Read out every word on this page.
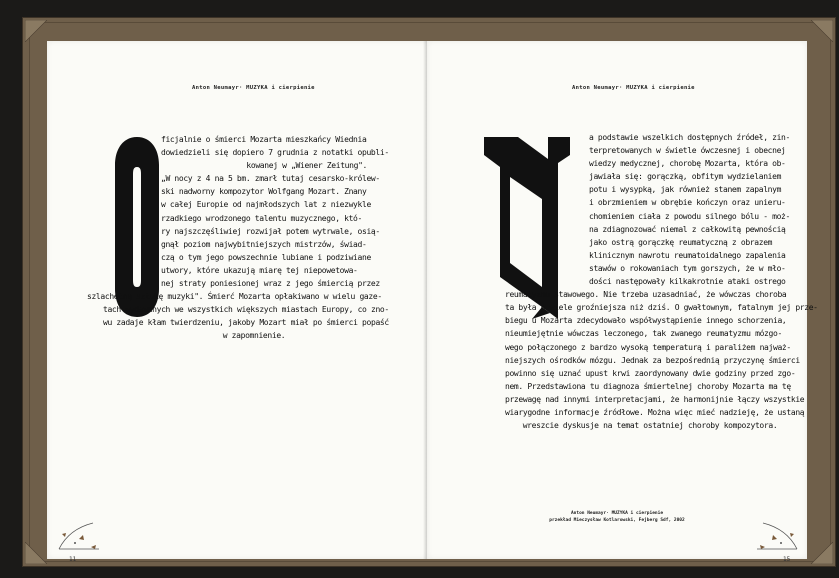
Anton Neumayr· MUZYKA i cierpienie
ficjalnie o śmierci Mozarta mieszkańcy Wiednia
dowiedzieli się dopiero 7 grudnia z notatki opubli-
kowanej w „Wiener Zeitung".
„W nocy z 4 na 5 bm. zmarł tutaj cesarsko-królew-
ski nadworny kompozytor Wolfgang Mozart. Znany
w całej Europie od najmłodszych lat z niezwykle
rzadkiego wrodzonego talentu muzycznego, któ-
ry najszczęśliwiej rozwijał potem wytrwale, osią-
gnął poziom najwybitniejszych mistrzów, świad-
czą o tym jego powszechnie lubiane i podziwiane
utwory, które ukazują miarę tej niepowetowa-
nej straty poniesionej wraz z jego śmiercią przez
szlachetną sztukę muzyki". Śmierć Mozarta opłakiwano w wielu gaze-
tach wydawanych we wszystkich większych miastach Europy, co zno-
wu zadaje kłam twierdzeniu, jakoby Mozart miał po śmierci popaść
w zapomnienie.
11
Anton Neumayr· MUZYKA i cierpienie
a podstawie wszelkich dostępnych źródeł, zin-
terpretowanych w świetle ówczesnej i obecnej
wiedzy medycznej, chorobę Mozarta, która ob-
jawiała się: gorączką, obfitym wydzielaniem
potu i wysypką, jak również stanem zapalnym
i obrzmieniem w obrębie kończyn oraz unieru-
chomieniem ciała z powodu silnego bólu - moż-
na zdiagnozować niemal z całkowitą pewnością
jako ostrą gorączkę reumatyczną z obrazem
klinicznym nawrotu reumatoidalnego zapalenia
stawów o rokowaniach tym gorszych, że w mło-
dości następowały kilkakrotnie ataki ostrego
reumatyzmu stawowego. Nie trzeba uzasadniać, że wówczas choroba
ta była o wiele groźniejsza niż dziś. O gwałtownym, fatalnym jej prze-
biegu u Mozarta zdecydowało współwystąpienie innego schorzenia,
nieumiejętnie wówczas leczonego, tak zwanego reumatyzmu mózgo-
wego połączonego z bardzo wysoką temperaturą i paraliżem najważ-
niejszych ośrodków mózgu. Jednak za bezpośrednią przyczynę śmierci
powinno się uznać upust krwi zaordynowany dwie godziny przed zgo-
nem. Przedstawiona tu diagnoza śmiertelnej choroby Mozarta ma tę
przewagę nad innymi interpretacjami, że harmonijnie łączy wszystkie
wiarygodne informacje źródłowe. Można więc mieć nadzieję, że ustaną
wreszcie dyskusje na temat ostatniej choroby kompozytora.
Anton Neumayr· MUZYKA i cierpienie
przekład Mieczysław Kotlarowski, Fejberg Sdf, 2002
15
